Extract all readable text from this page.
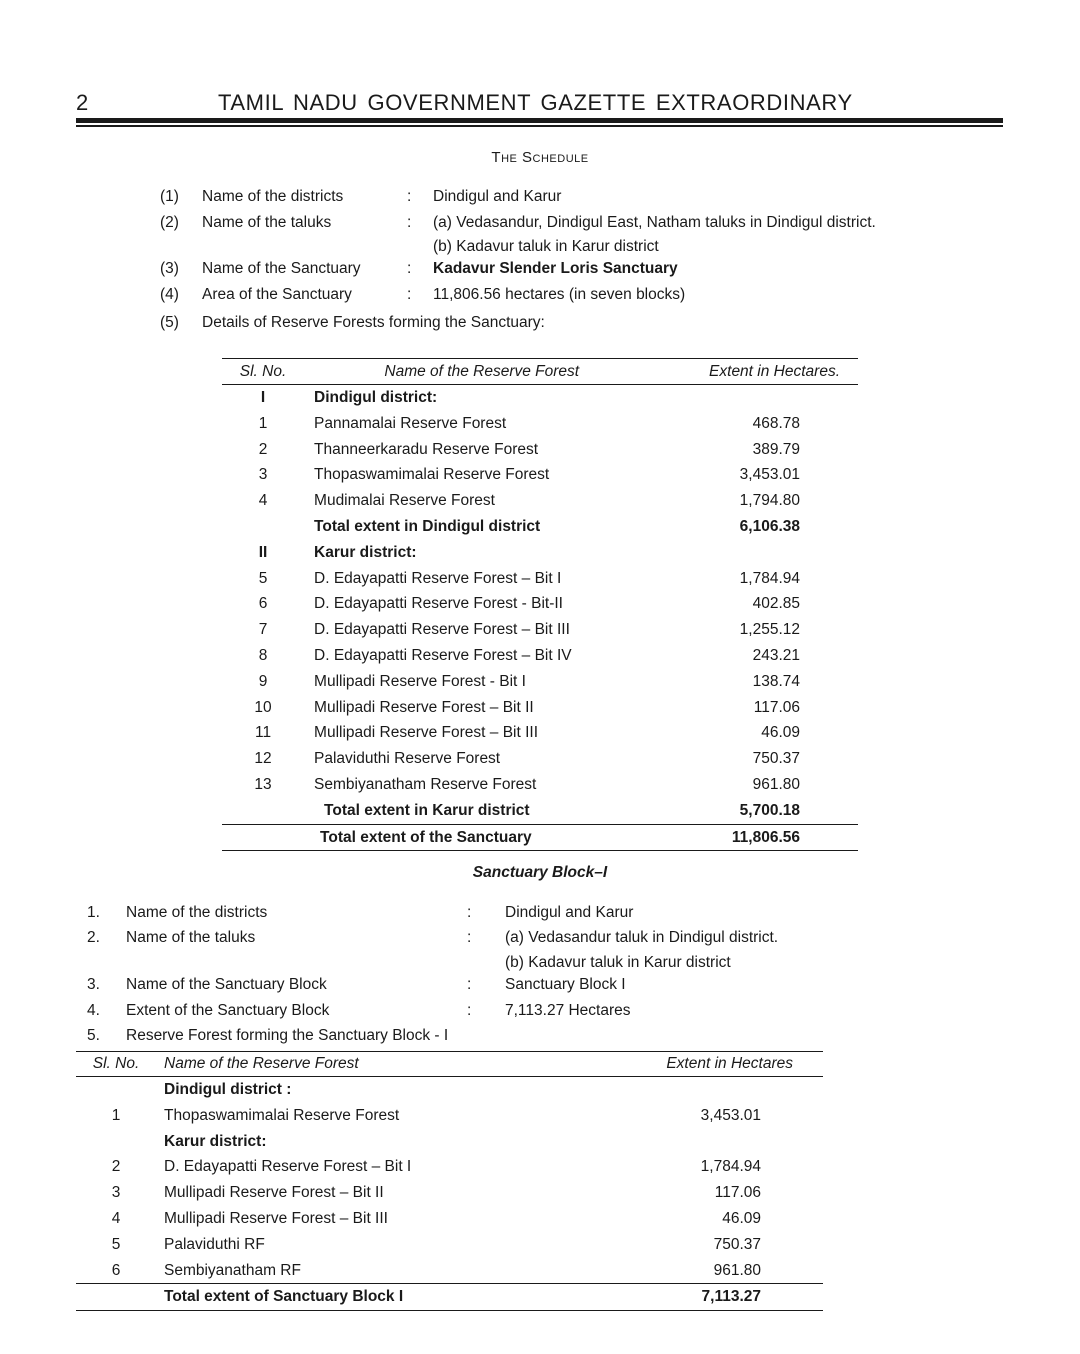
2	TAMIL NADU GOVERNMENT GAZETTE EXTRAORDINARY
The Schedule
(1) Name of the districts	: Dindigul and Karur
(2) Name of the taluks	: (a) Vedasandur, Dindigul East, Natham taluks in Dindigul district.
(b) Kadavur taluk in Karur district
(3) Name of the Sanctuary	: Kadavur Slender Loris Sanctuary
(4) Area of the Sanctuary	: 11,806.56 hectares (in seven blocks)
(5) Details of Reserve Forests forming the Sanctuary:
Sl. No.	Name of the Reserve Forest	Extent in Hectares.
I	Dindigul district:	
1	Pannamalai Reserve Forest	468.78
2	Thanneerkaradu Reserve Forest	389.79
3	Thopaswamimalai Reserve Forest	3,453.01
4	Mudimalai Reserve Forest	1,794.80
	Total extent in Dindigul district	6,106.38
II	Karur district:	
5	D. Edayapatti Reserve Forest – Bit I	1,784.94
6	D. Edayapatti Reserve Forest - Bit-II	402.85
7	D. Edayapatti Reserve Forest – Bit III	1,255.12
8	D. Edayapatti Reserve Forest – Bit IV	243.21
9	Mullipadi Reserve Forest - Bit I	138.74
10	Mullipadi Reserve Forest – Bit II	117.06
11	Mullipadi Reserve Forest – Bit III	46.09
12	Palaviduthi Reserve Forest	750.37
13	Sembiyanatham Reserve Forest	961.80
	Total extent in Karur district	5,700.18
	Total extent of the Sanctuary	11,806.56
Sanctuary Block–I
1. Name of the districts	: Dindigul and Karur
2. Name of the taluks	: (a) Vedasandur taluk in Dindigul district.
(b) Kadavur taluk in Karur district
3. Name of the Sanctuary Block	: Sanctuary Block I
4. Extent of the Sanctuary Block	: 7,113.27 Hectares
5. Reserve Forest forming the Sanctuary Block - I
Sl. No.	Name of the Reserve Forest	Extent in Hectares
	Dindigul district :	
1	Thopaswamimalai Reserve Forest	3,453.01
	Karur district:	
2	D. Edayapatti Reserve Forest – Bit I	1,784.94
3	Mullipadi Reserve Forest – Bit II	117.06
4	Mullipadi Reserve Forest – Bit III	46.09
5	Palaviduthi RF	750.37
6	Sembiyanatham RF	961.80
	Total extent of Sanctuary Block I	7,113.27
